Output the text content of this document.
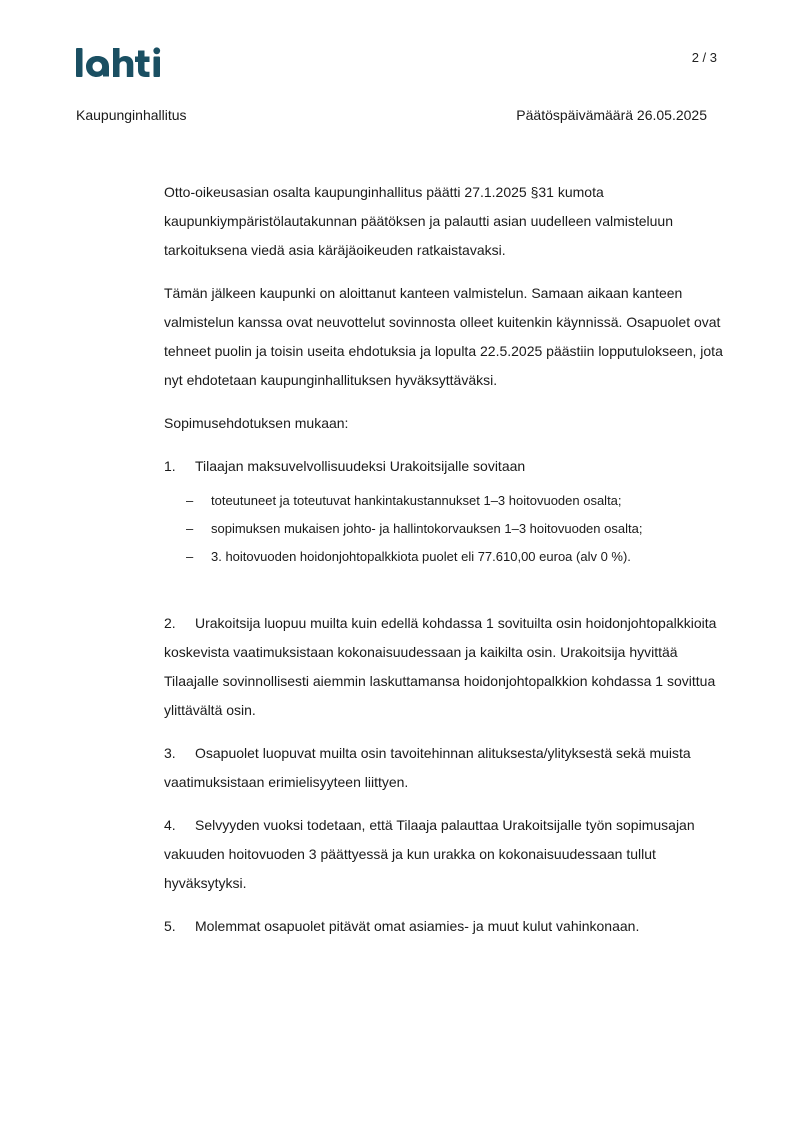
2 / 3
Kaupunginhallitus	Päätöspäivämäärä 26.05.2025

Otto-oikeusasian osalta kaupunginhallitus päätti 27.1.2025 §31 kumota kaupunkiympäristölautakunnan päätöksen ja palautti asian uudelleen valmisteluun tarkoituksena viedä asia käräjäoikeuden ratkaistavaksi.

Tämän jälkeen kaupunki on aloittanut kanteen valmistelun. Samaan aikaan kanteen valmistelun kanssa ovat neuvottelut sovinnosta olleet kuitenkin käynnissä. Osapuolet ovat tehneet puolin ja toisin useita ehdotuksia ja lopulta 22.5.2025 päästiin lopputulokseen, jota nyt ehdotetaan kaupunginhallituksen hyväksyttäväksi.

Sopimusehdotuksen mukaan:

1. Tilaajan maksuvelvollisuudeksi Urakoitsijalle sovitaan

– toteutuneet ja toteutuvat hankintakustannukset 1–3 hoitovuoden osalta;
– sopimuksen mukaisen johto- ja hallintokorvauksen 1–3 hoitovuoden osalta;
– 3. hoitovuoden hoidonjohtopalkkiota puolet eli 77.610,00 euroa (alv 0 %).

2. Urakoitsija luopuu muilta kuin edellä kohdassa 1 sovituilta osin hoidonjohtopalkkioita koskevista vaatimuksistaan kokonaisuudessaan ja kaikilta osin. Urakoitsija hyvittää Tilaajalle sovinnollisesti aiemmin laskuttamansa hoidonjohtopalkkion kohdassa 1 sovittua ylittävältä osin.

3. Osapuolet luopuvat muilta osin tavoitehinnan alituksesta/ylityksestä sekä muista vaatimuksistaan erimielisyyteen liittyen.

4. Selvyyden vuoksi todetaan, että Tilaaja palauttaa Urakoitsijalle työn sopimusajan vakuuden hoitovuoden 3 päättyessä ja kun urakka on kokonaisuudessaan tullut hyväksytyksi.

5. Molemmat osapuolet pitävät omat asiamies- ja muut kulut vahinkonaan.
